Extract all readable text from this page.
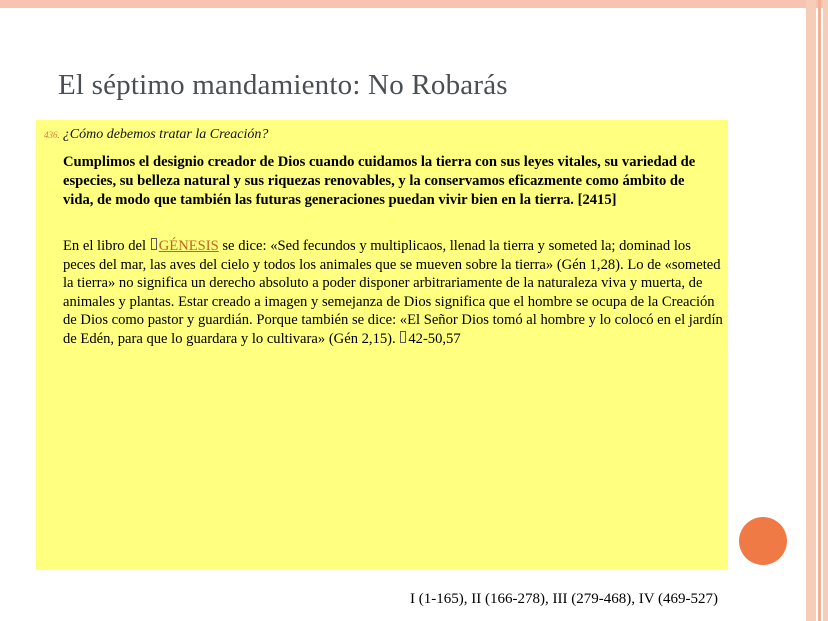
El séptimo mandamiento: No Robarás
436. ¿Cómo debemos tratar la Creación?
Cumplimos el designio creador de Dios cuando cuidamos la tierra con sus leyes vitales, su variedad de especies, su belleza natural y sus riquezas renovables, y la conservamos eficazmente como ámbito de vida, de modo que también las futuras generaciones puedan vivir bien en la tierra. [2415]
En el libro del GÉNESIS se dice: «Sed fecundos y multiplicaos, llenad la tierra y someted la; dominad los peces del mar, las aves del cielo y todos los animales que se mueven sobre la tierra» (Gén 1,28). Lo de «someted la tierra» no significa un derecho absoluto a poder disponer arbitrariamente de la naturaleza viva y muerta, de animales y plantas. Estar creado a imagen y semejanza de Dios significa que el hombre se ocupa de la Creación de Dios como pastor y guardián. Porque también se dice: «El Señor Dios tomó al hombre y lo colocó en el jardín de Edén, para que lo guardara y lo cultivara» (Gén 2,15). 42-50,57
I (1-165), II (166-278), III (279-468), IV (469-527)
